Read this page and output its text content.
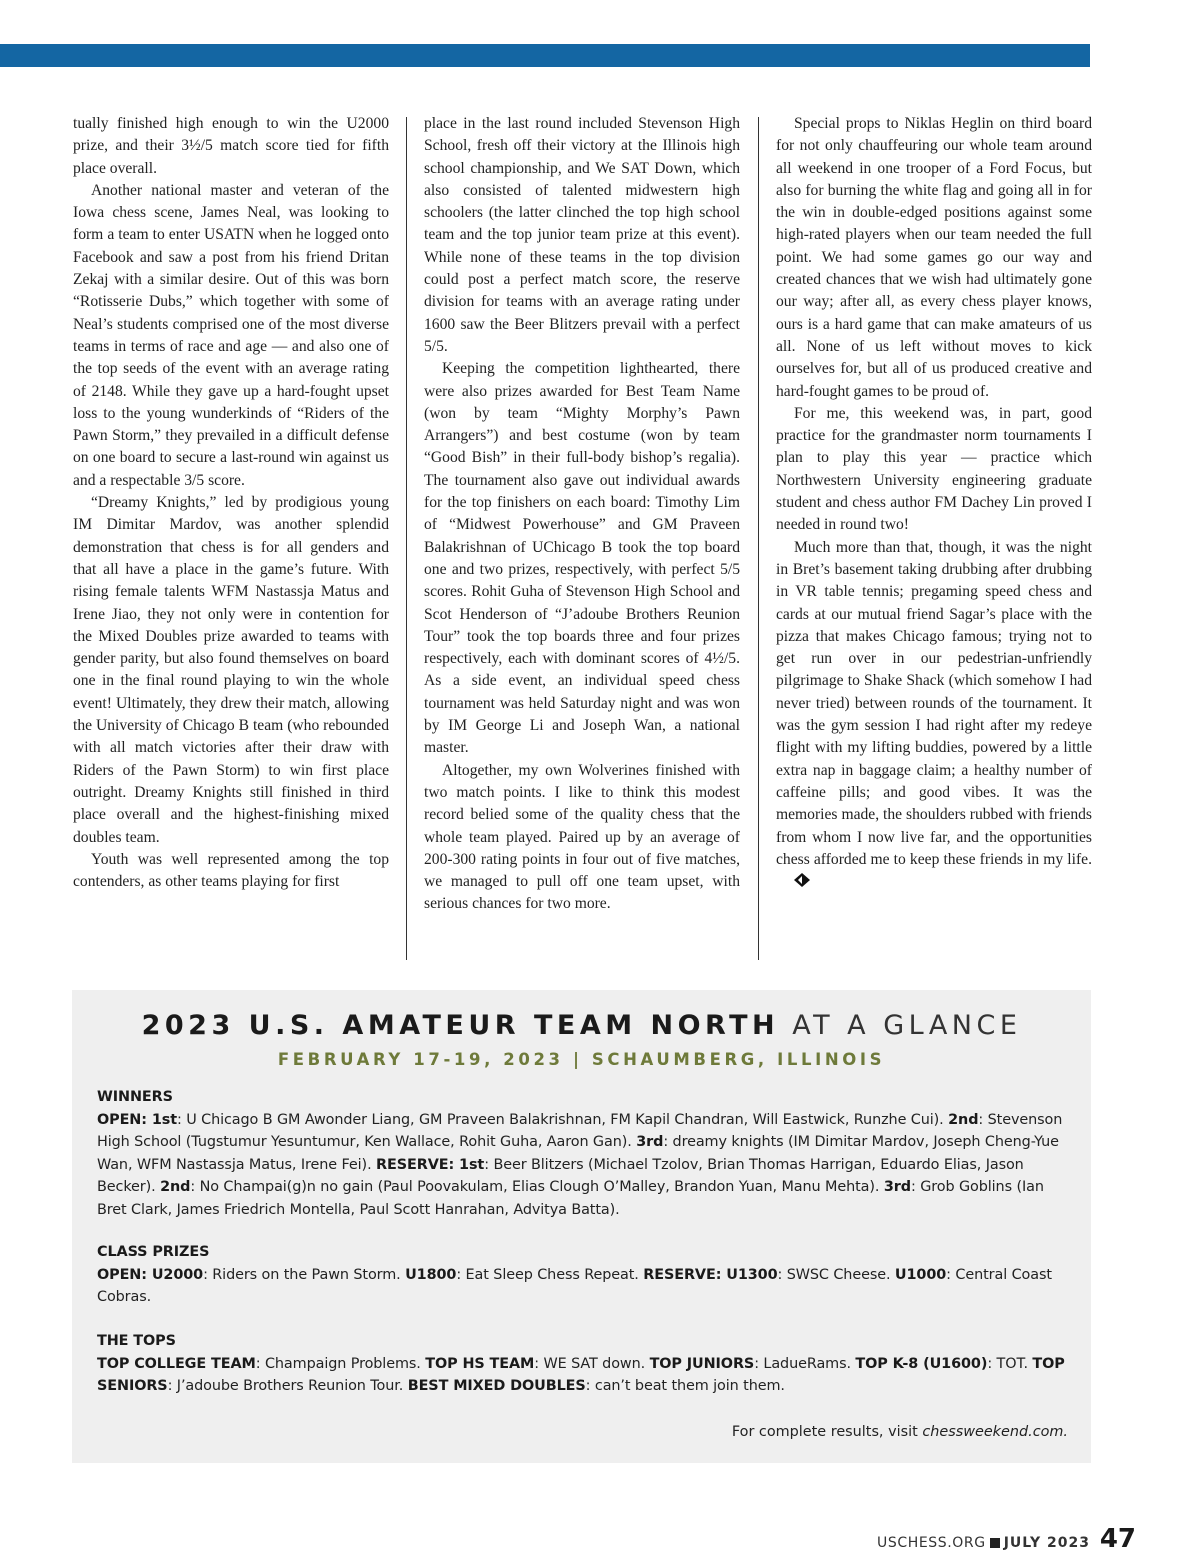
tually finished high enough to win the U2000 prize, and their 3½/5 match score tied for fifth place overall.

Another national master and veteran of the Iowa chess scene, James Neal, was looking to form a team to enter USATN when he logged onto Facebook and saw a post from his friend Dritan Zekaj with a similar desire. Out of this was born “Rotisserie Dubs,” which together with some of Neal’s students comprised one of the most diverse teams in terms of race and age — and also one of the top seeds of the event with an average rating of 2148. While they gave up a hard-fought upset loss to the young wunderkinds of “Riders of the Pawn Storm,” they prevailed in a difficult defense on one board to secure a last-round win against us and a respectable 3/5 score.

“Dreamy Knights,” led by prodigious young IM Dimitar Mardov, was another splendid demonstration that chess is for all genders and that all have a place in the game’s future. With rising female talents WFM Nastassja Matus and Irene Jiao, they not only were in contention for the Mixed Doubles prize awarded to teams with gender parity, but also found themselves on board one in the final round playing to win the whole event! Ultimately, they drew their match, allowing the University of Chicago B team (who rebounded with all match victories after their draw with Riders of the Pawn Storm) to win first place outright. Dreamy Knights still finished in third place overall and the highest-finishing mixed doubles team.

Youth was well represented among the top contenders, as other teams playing for first

place in the last round included Stevenson High School, fresh off their victory at the Illinois high school championship, and We SAT Down, which also consisted of talented midwestern high schoolers (the latter clinched the top high school team and the top junior team prize at this event). While none of these teams in the top division could post a perfect match score, the reserve division for teams with an average rating under 1600 saw the Beer Blitzers prevail with a perfect 5/5.

Keeping the competition lighthearted, there were also prizes awarded for Best Team Name (won by team “Mighty Morphy’s Pawn Arrangers”) and best costume (won by team “Good Bish” in their full-body bishop’s regalia). The tournament also gave out individual awards for the top finishers on each board: Timothy Lim of “Midwest Powerhouse” and GM Praveen Balakrishnan of UChicago B took the top board one and two prizes, respectively, with perfect 5/5 scores. Rohit Guha of Stevenson High School and Scot Henderson of “J’adoube Brothers Reunion Tour” took the top boards three and four prizes respectively, each with dominant scores of 4½/5. As a side event, an individual speed chess tournament was held Saturday night and was won by IM George Li and Joseph Wan, a national master.

Altogether, my own Wolverines finished with two match points. I like to think this modest record belied some of the quality chess that the whole team played. Paired up by an average of 200-300 rating points in four out of five matches, we managed to pull off one team upset, with serious chances for two more.

Special props to Niklas Heglin on third board for not only chauffeuring our whole team around all weekend in one trooper of a Ford Focus, but also for burning the white flag and going all in for the win in double-edged positions against some high-rated players when our team needed the full point. We had some games go our way and created chances that we wish had ultimately gone our way; after all, as every chess player knows, ours is a hard game that can make amateurs of us all. None of us left without moves to kick ourselves for, but all of us produced creative and hard-fought games to be proud of.

For me, this weekend was, in part, good practice for the grandmaster norm tournaments I plan to play this year — practice which Northwestern University engineering graduate student and chess author FM Dachey Lin proved I needed in round two!

Much more than that, though, it was the night in Bret’s basement taking drubbing after drubbing in VR table tennis; pregaming speed chess and cards at our mutual friend Sagar’s place with the pizza that makes Chicago famous; trying not to get run over in our pedestrian-unfriendly pilgrimage to Shake Shack (which somehow I had never tried) between rounds of the tournament. It was the gym session I had right after my redeye flight with my lifting buddies, powered by a little extra nap in baggage claim; a healthy number of caffeine pills; and good vibes. It was the memories made, the shoulders rubbed with friends from whom I now live far, and the opportunities chess afforded me to keep these friends in my life.

2023 U.S. AMATEUR TEAM NORTH AT A GLANCE
FEBRUARY 17-19, 2023 | SCHAUMBERG, ILLINOIS
WINNERS

OPEN: 1st: U Chicago B GM Awonder Liang, GM Praveen Balakrishnan, FM Kapil Chandran, Will Eastwick, Runzhe Cui). 2nd: Stevenson High School (Tugstumur Yesuntumur, Ken Wallace, Rohit Guha, Aaron Gan). 3rd: dreamy knights (IM Dimitar Mardov, Joseph Cheng-Yue Wan, WFM Nastassja Matus, Irene Fei). RESERVE: 1st: Beer Blitzers (Michael Tzolov, Brian Thomas Harrigan, Eduardo Elias, Jason Becker). 2nd: No Champai(g)n no gain (Paul Poovakulam, Elias Clough O’Malley, Brandon Yuan, Manu Mehta). 3rd: Grob Goblins (Ian Bret Clark, James Friedrich Montella, Paul Scott Hanrahan, Advitya Batta).

CLASS PRIZES

OPEN: U2000: Riders on the Pawn Storm. U1800: Eat Sleep Chess Repeat. RESERVE: U1300: SWSC Cheese. U1000: Central Coast Cobras.

THE TOPS

TOP COLLEGE TEAM: Champaign Problems. TOP HS TEAM: WE SAT down. TOP JUNIORS: LadueRams. TOP K-8 (U1600): TOT. TOP SENIORS: J’adoube Brothers Reunion Tour. BEST MIXED DOUBLES: can’t beat them join them.

For complete results, visit chessweekend.com.
USCHESS.ORG JULY 2023 47
